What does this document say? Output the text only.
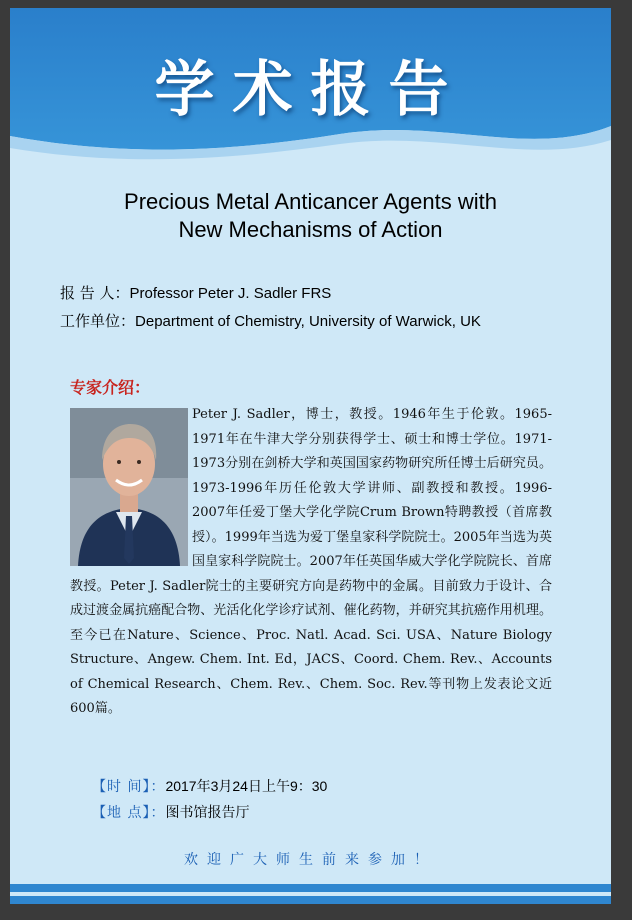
学术报告
Precious Metal Anticancer Agents with
New Mechanisms of Action
报 告 人：Professor Peter J. Sadler FRS
工作单位：Department of Chemistry, University of Warwick, UK
专家介绍：
Peter J. Sadler，博士，教授。1946年生于伦敦。1965-1971年在牛津大学分别获得学士、硕士和博士学位。1971-1973分别在剑桥大学和英国国家药物研究所任博士后研究员。1973-1996年历任伦敦大学讲师、副教授和教授。1996-2007年任爱丁堡大学化学院Crum Brown特聘教授（首席教授）。1999年当选为爱丁堡皇家科学院院士。2005年当选为英国皇家科学院院士。2007年任英国华威大学化学院院长、首席教授。Peter J. Sadler院士的主要研究方向是药物中的金属。目前致力于设计、合成过渡金属抗癌配合物、光活化化学诊疗试剂、催化药物，并研究其抗癌作用机理。至今已在Nature、Science、Proc. Natl. Acad. Sci. USA、Nature Biology Structure、Angew. Chem. Int. Ed，JACS、Coord. Chem. Rev.、Accounts of Chemical Research、Chem. Rev.、Chem. Soc. Rev.等刊物上发表论文近600篇。
【时 间】：2017年3月24日上午9：30
【地 点】：图书馆报告厅
欢迎广大师生前来参加！
